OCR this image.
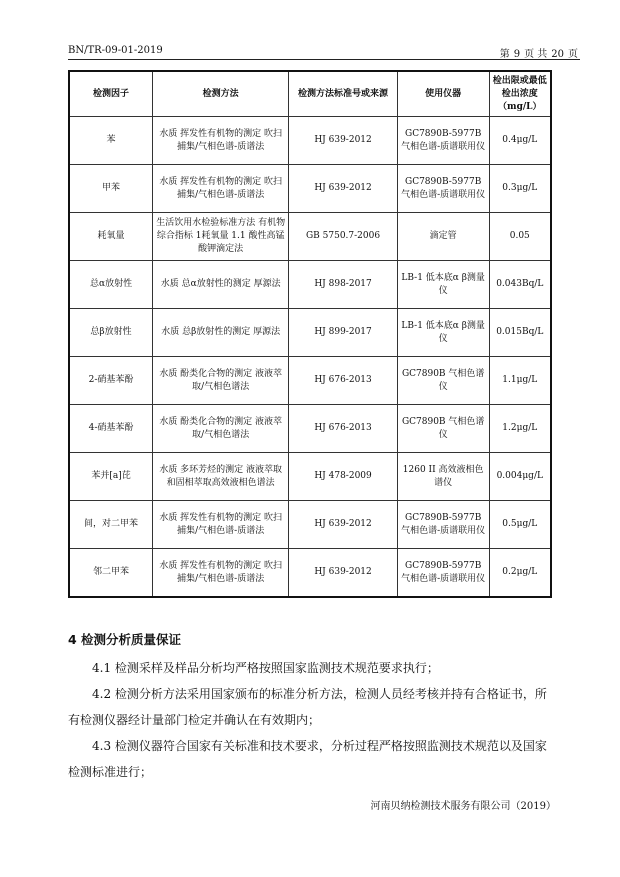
BN/TR-09-01-2019	第 9 页 共 20 页
检测因子	检测方法	检测方法标准号或来源	使用仪器	检出限或最低检出浓度（mg/L）
苯	水质 挥发性有机物的测定 吹扫捕集/气相色谱-质谱法	HJ 639-2012	GC7890B-5977B 气相色谱-质谱联用仪	0.4μg/L
甲苯	水质 挥发性有机物的测定 吹扫捕集/气相色谱-质谱法	HJ 639-2012	GC7890B-5977B 气相色谱-质谱联用仪	0.3μg/L
耗氧量	生活饮用水检验标准方法 有机物综合指标 1耗氧量 1.1 酸性高锰酸钾滴定法	GB 5750.7-2006	滴定管	0.05
总α放射性	水质 总α放射性的测定 厚源法	HJ 898-2017	LB-1 低本底α β测量仪	0.043Bq/L
总β放射性	水质 总β放射性的测定 厚源法	HJ 899-2017	LB-1 低本底α β测量仪	0.015Bq/L
2-硝基苯酚	水质 酚类化合物的测定 液液萃取/气相色谱法	HJ 676-2013	GC7890B 气相色谱仪	1.1μg/L
4-硝基苯酚	水质 酚类化合物的测定 液液萃取/气相色谱法	HJ 676-2013	GC7890B 气相色谱仪	1.2μg/L
苯并[a]芘	水质 多环芳烃的测定 液液萃取和固相萃取高效液相色谱法	HJ 478-2009	1260 II 高效液相色谱仪	0.004μg/L
间，对二甲苯	水质 挥发性有机物的测定 吹扫捕集/气相色谱-质谱法	HJ 639-2012	GC7890B-5977B 气相色谱-质谱联用仪	0.5μg/L
邻二甲苯	水质 挥发性有机物的测定 吹扫捕集/气相色谱-质谱法	HJ 639-2012	GC7890B-5977B 气相色谱-质谱联用仪	0.2μg/L
4 检测分析质量保证
4.1 检测采样及样品分析均严格按照国家监测技术规范要求执行；
4.2 检测分析方法采用国家颁布的标准分析方法，检测人员经考核并持有合格证书，所有检测仪器经计量部门检定并确认在有效期内；
4.3 检测仪器符合国家有关标准和技术要求，分析过程严格按照监测技术规范以及国家检测标准进行；
河南贝纳检测技术服务有限公司（2019）
